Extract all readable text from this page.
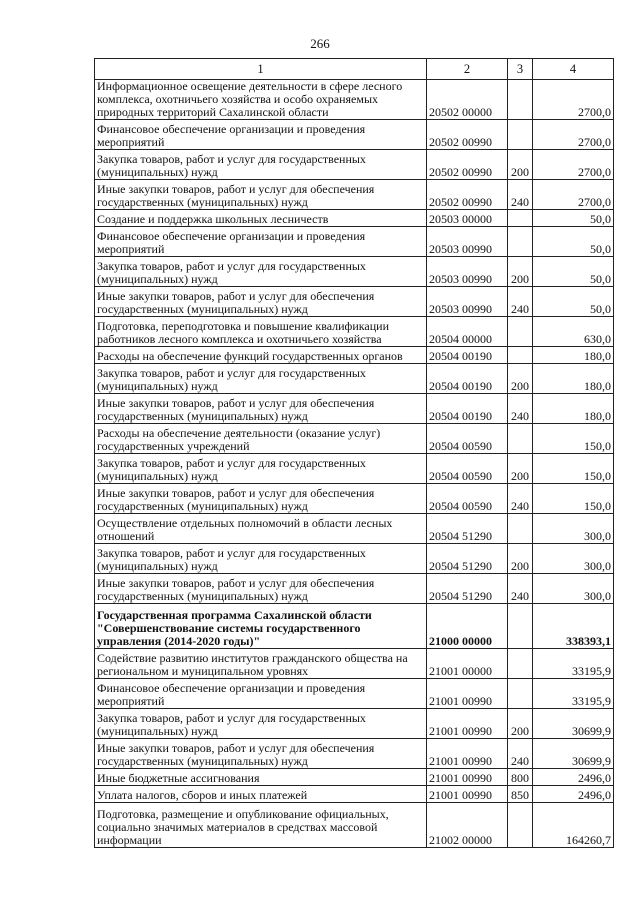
266
1	2	3	4
Информационное освещение деятельности в сфере лесного комплекса, охотничьего хозяйства и особо охраняемых природных территорий Сахалинской области	20502 00000		2700,0
Финансовое обеспечение организации и проведения мероприятий	20502 00990		2700,0
Закупка товаров, работ и услуг для государственных (муниципальных) нужд	20502 00990	200	2700,0
Иные закупки товаров, работ и услуг для обеспечения государственных (муниципальных) нужд	20502 00990	240	2700,0
Создание и поддержка школьных лесничеств	20503 00000		50,0
Финансовое обеспечение организации и проведения мероприятий	20503 00990		50,0
Закупка товаров, работ и услуг для государственных (муниципальных) нужд	20503 00990	200	50,0
Иные закупки товаров, работ и услуг для обеспечения государственных (муниципальных) нужд	20503 00990	240	50,0
Подготовка, переподготовка и повышение квалификации работников лесного комплекса и охотничьего хозяйства	20504 00000		630,0
Расходы на обеспечение функций государственных органов	20504 00190		180,0
Закупка товаров, работ и услуг для государственных (муниципальных) нужд	20504 00190	200	180,0
Иные закупки товаров, работ и услуг для обеспечения государственных (муниципальных) нужд	20504 00190	240	180,0
Расходы на обеспечение деятельности (оказание услуг) государственных учреждений	20504 00590		150,0
Закупка товаров, работ и услуг для государственных (муниципальных) нужд	20504 00590	200	150,0
Иные закупки товаров, работ и услуг для обеспечения государственных (муниципальных) нужд	20504 00590	240	150,0
Осуществление отдельных полномочий в области лесных отношений	20504 51290		300,0
Закупка товаров, работ и услуг для государственных (муниципальных) нужд	20504 51290	200	300,0
Иные закупки товаров, работ и услуг для обеспечения государственных (муниципальных) нужд	20504 51290	240	300,0
Государственная программа Сахалинской области "Совершенствование системы государственного управления (2014-2020 годы)"	21000 00000		338393,1
Содействие развитию институтов гражданского общества на региональном и муниципальном уровнях	21001 00000		33195,9
Финансовое обеспечение организации и проведения мероприятий	21001 00990		33195,9
Закупка товаров, работ и услуг для государственных (муниципальных) нужд	21001 00990	200	30699,9
Иные закупки товаров, работ и услуг для обеспечения государственных (муниципальных) нужд	21001 00990	240	30699,9
Иные бюджетные ассигнования	21001 00990	800	2496,0
Уплата налогов, сборов и иных платежей	21001 00990	850	2496,0
Подготовка, размещение и опубликование официальных, социально значимых материалов в средствах массовой информации	21002 00000		164260,7
